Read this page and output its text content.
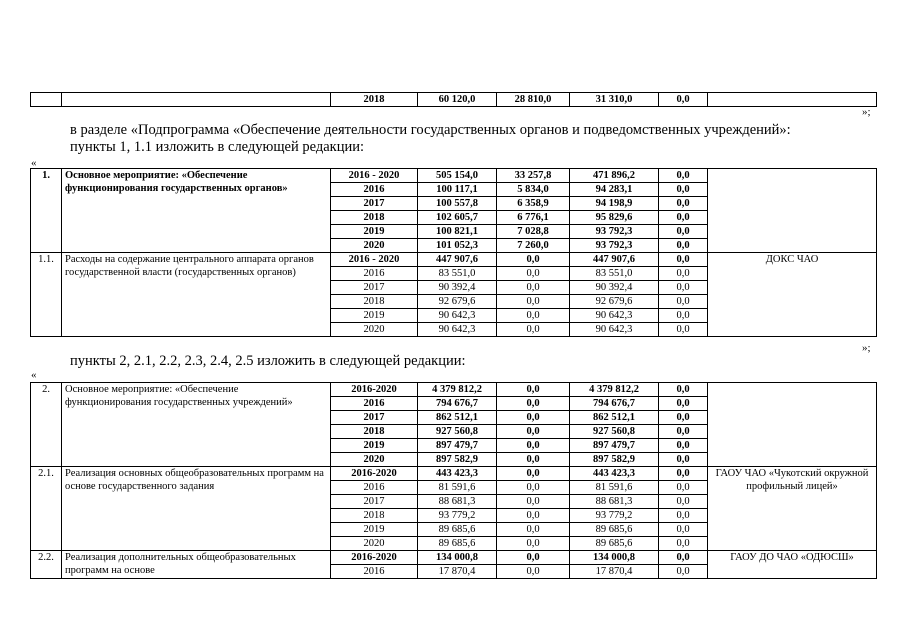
		2018	60 120,0	28 810,0	31 310,0	0,0	
»;
в разделе «Подпрограмма «Обеспечение деятельности государственных органов и подведомственных учреждений»:
пункты 1, 1.1 изложить в следующей редакции:
«
1.	Основное мероприятие: «Обеспечение функционирования государственных органов»	2016 - 2020	505 154,0	33 257,8	471 896,2	0,0	
		2016	100 117,1	5 834,0	94 283,1	0,0	
		2017	100 557,8	6 358,9	94 198,9	0,0	
		2018	102 605,7	6 776,1	95 829,6	0,0	
		2019	100 821,1	7 028,8	93 792,3	0,0	
		2020	101 052,3	7 260,0	93 792,3	0,0	
1.1.	Расходы на содержание центрального аппарата органов государственной власти (государственных органов)	2016 - 2020	447 907,6	0,0	447 907,6	0,0	ДОКС ЧАО
		2016	83 551,0	0,0	83 551,0	0,0	
		2017	90 392,4	0,0	90 392,4	0,0	
		2018	92 679,6	0,0	92 679,6	0,0	
		2019	90 642,3	0,0	90 642,3	0,0	
		2020	90 642,3	0,0	90 642,3	0,0	
»;
пункты 2, 2.1, 2.2, 2.3, 2.4, 2.5 изложить в следующей редакции:
«
2.	Основное мероприятие: «Обеспечение функционирования государственных учреждений»	2016-2020	4 379 812,2	0,0	4 379 812,2	0,0	
		2016	794 676,7	0,0	794 676,7	0,0	
		2017	862 512,1	0,0	862 512,1	0,0	
		2018	927 560,8	0,0	927 560,8	0,0	
		2019	897 479,7	0,0	897 479,7	0,0	
		2020	897 582,9	0,0	897 582,9	0,0	
2.1.	Реализация основных общеобразовательных программ на основе государственного задания	2016-2020	443 423,3	0,0	443 423,3	0,0	ГАОУ ЧАО «Чукотский окружной профильный лицей»
		2016	81 591,6	0,0	81 591,6	0,0	
		2017	88 681,3	0,0	88 681,3	0,0	
		2018	93 779,2	0,0	93 779,2	0,0	
		2019	89 685,6	0,0	89 685,6	0,0	
		2020	89 685,6	0,0	89 685,6	0,0	
2.2.	Реализация дополнительных общеобразовательных программ на основе	2016-2020	134 000,8	0,0	134 000,8	0,0	ГАОУ ДО ЧАО «ОДЮСШ»
		2016	17 870,4	0,0	17 870,4	0,0	
